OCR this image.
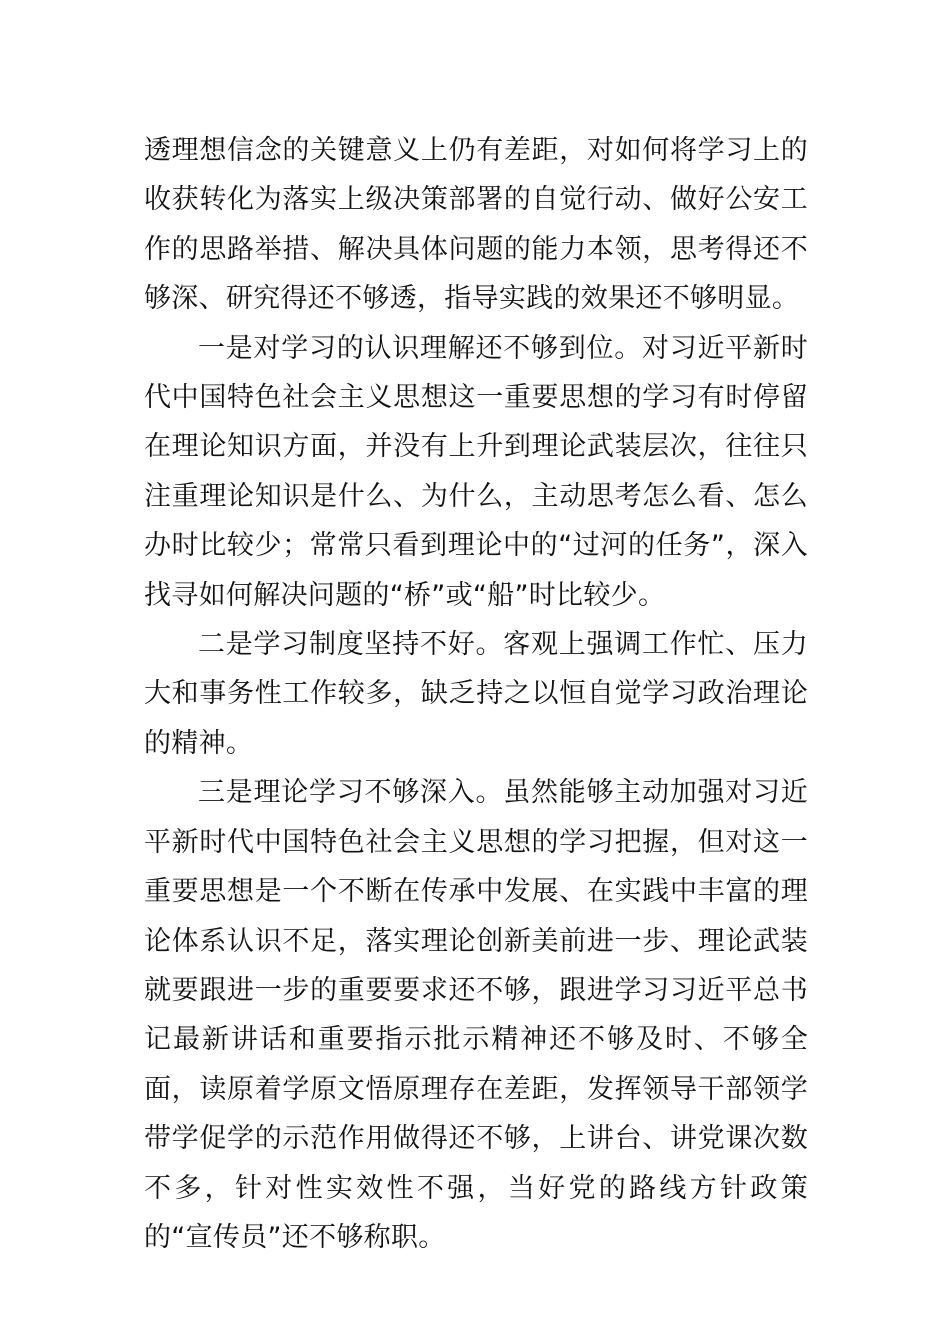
透理想信念的关键意义上仍有差距，对如何将学习上的收获转化为落实上级决策部署的自觉行动、做好公安工作的思路举措、解决具体问题的能力本领，思考得还不够深、研究得还不够透，指导实践的效果还不够明显。

一是对学习的认识理解还不够到位。对习近平新时代中国特色社会主义思想这一重要思想的学习有时停留在理论知识方面，并没有上升到理论武装层次，往往只注重理论知识是什么、为什么，主动思考怎么看、怎么办时比较少；常常只看到理论中的“过河的任务”，深入找寻如何解决问题的“桥”或“船”时比较少。

二是学习制度坚持不好。客观上强调工作忙、压力大和事务性工作较多，缺乏持之以恒自觉学习政治理论的精神。

三是理论学习不够深入。虽然能够主动加强对习近平新时代中国特色社会主义思想的学习把握，但对这一重要思想是一个不断在传承中发展、在实践中丰富的理论体系认识不足，落实理论创新美前进一步、理论武装就要跟进一步的重要要求还不够，跟进学习习近平总书记最新讲话和重要指示批示精神还不够及时、不够全面，读原着学原文悟原理存在差距，发挥领导干部领学带学促学的示范作用做得还不够，上讲台、讲党课次数不多，针对性实效性不强，当好党的路线方针政策的“宣传员”还不够称职。
